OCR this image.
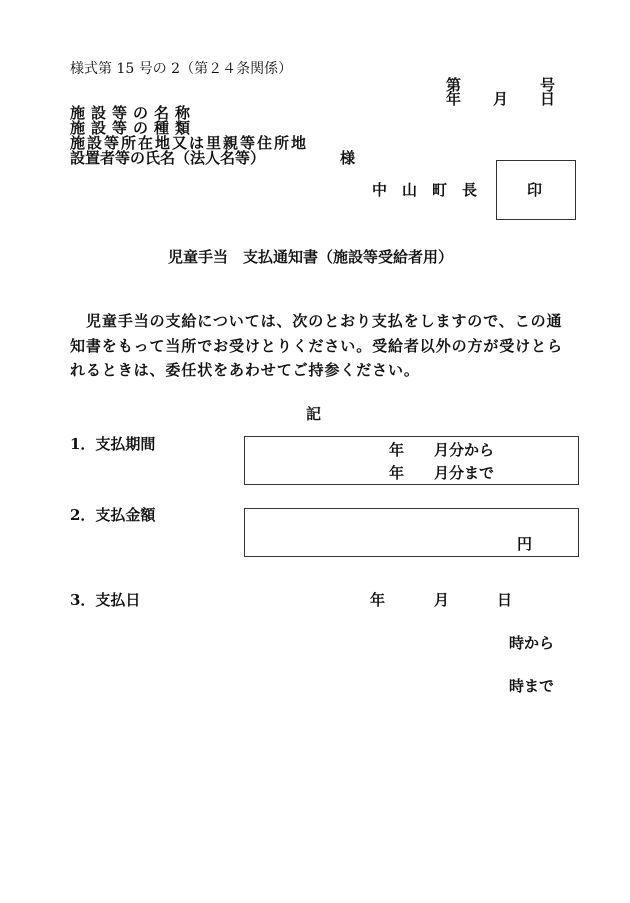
様式第 15 号の 2（第２４条関係）
第	号
年 月 日
施設等の名称
施設等の種類
施設等所在地又は里親等住所地
設置者等の氏名（法人名等）	様
中　山　町　長	印
児童手当　支払通知書（施設等受給者用）
児童手当の支給については、次のとおり支払をしますので、この通
知書をもって当所でお受けとりください。受給者以外の方が受けとら
れるときは、委任状をあわせてご持参ください。
記
1．支払期間	年　　月分から
年　　月分まで
2．支払金額
円
3．支払日	年	月	日
時から
時まで
